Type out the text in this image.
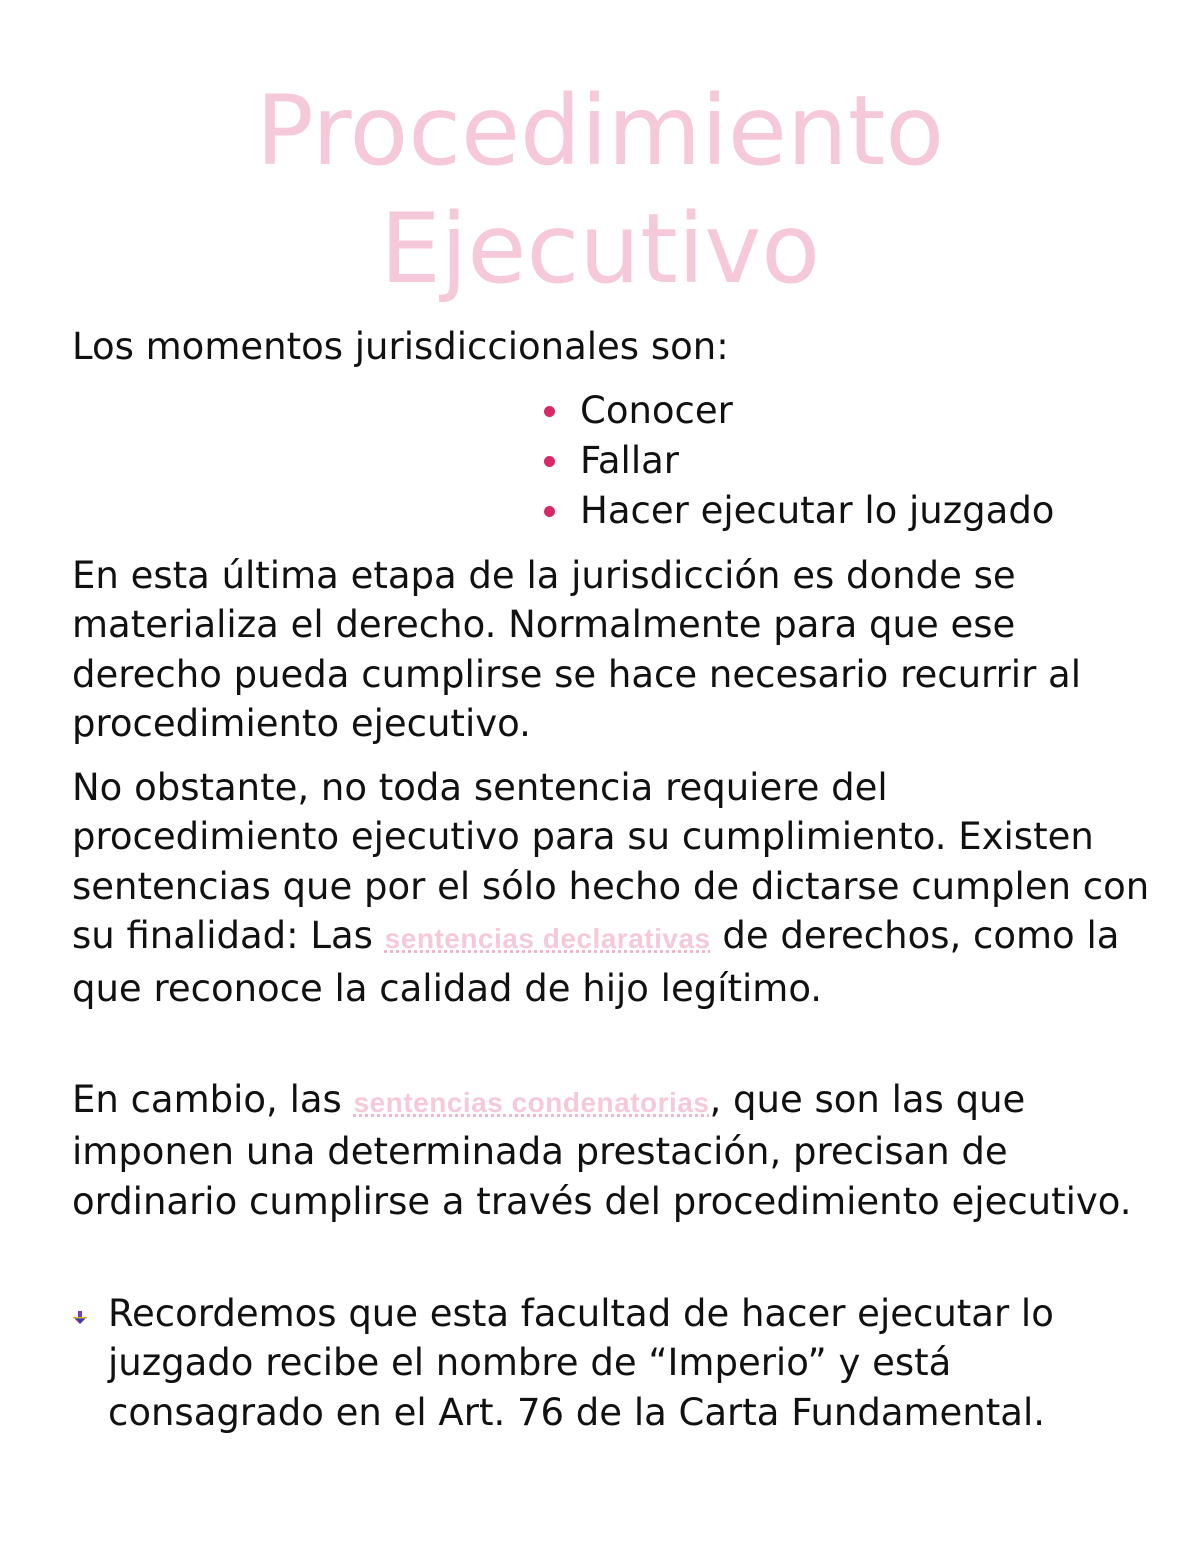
Procedimiento
Ejecutivo

Los momentos jurisdiccionales son:

Conocer
Fallar
Hacer ejecutar lo juzgado

En esta última etapa de la jurisdicción es donde se materializa el derecho. Normalmente para que ese derecho pueda cumplirse se hace necesario recurrir al procedimiento ejecutivo.

No obstante, no toda sentencia requiere del procedimiento ejecutivo para su cumplimiento. Existen sentencias que por el sólo hecho de dictarse cumplen con su finalidad: Las sentencias declarativas de derechos, como la que reconoce la calidad de hijo legítimo.

En cambio, las sentencias condenatorias, que son las que imponen una determinada prestación, precisan de ordinario cumplirse a través del procedimiento ejecutivo.

Recordemos que esta facultad de hacer ejecutar lo juzgado recibe el nombre de “Imperio” y está consagrado en el Art. 76 de la Carta Fundamental.
